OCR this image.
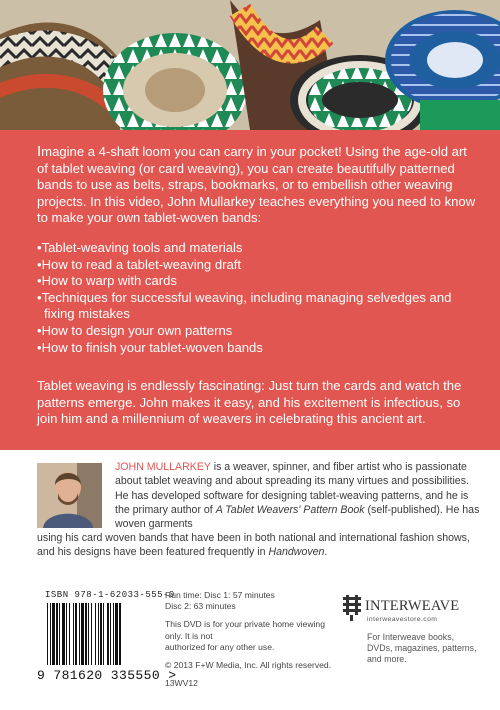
Imagine a 4-shaft loom you can carry in your pocket! Using the age-old art of tablet weaving (or card weaving), you can create beautifully patterned bands to use as belts, straps, bookmarks, or to embellish other weaving projects. In this video, John Mullarkey teaches everything you need to know to make your own tablet-woven bands:

• Tablet-weaving tools and materials
• How to read a tablet-weaving draft
• How to warp with cards
• Techniques for successful weaving, including managing selvedges and fixing mistakes
• How to design your own patterns
• How to finish your tablet-woven bands

Tablet weaving is endlessly fascinating: Just turn the cards and watch the patterns emerge. John makes it easy, and his excitement is infectious, so join him and a millennium of weavers in celebrating this ancient art.

JOHN MULLARKEY is a weaver, spinner, and fiber artist who is passionate about tablet weaving and about spreading its many virtues and possibilities. He has developed software for designing tablet-weaving patterns, and he is the primary author of A Tablet Weavers' Pattern Book (self-published). He has woven garments

using his card woven bands that have been in both national and international fashion shows, and his designs have been featured frequently in Handwoven.

ISBN 978-1-62033-555-0
9 781620 335550 >

Run time: Disc 1: 57 minutes

Disc 2: 63 minutes

This DVD is for your private home viewing only. It is not

authorized for any other use.

© 2013 F+W Media, Inc. All rights reserved.

13WV12

INTERWEAVE
interweavestore.com

For Interweave books, DVDs, magazines, patterns, and more.
